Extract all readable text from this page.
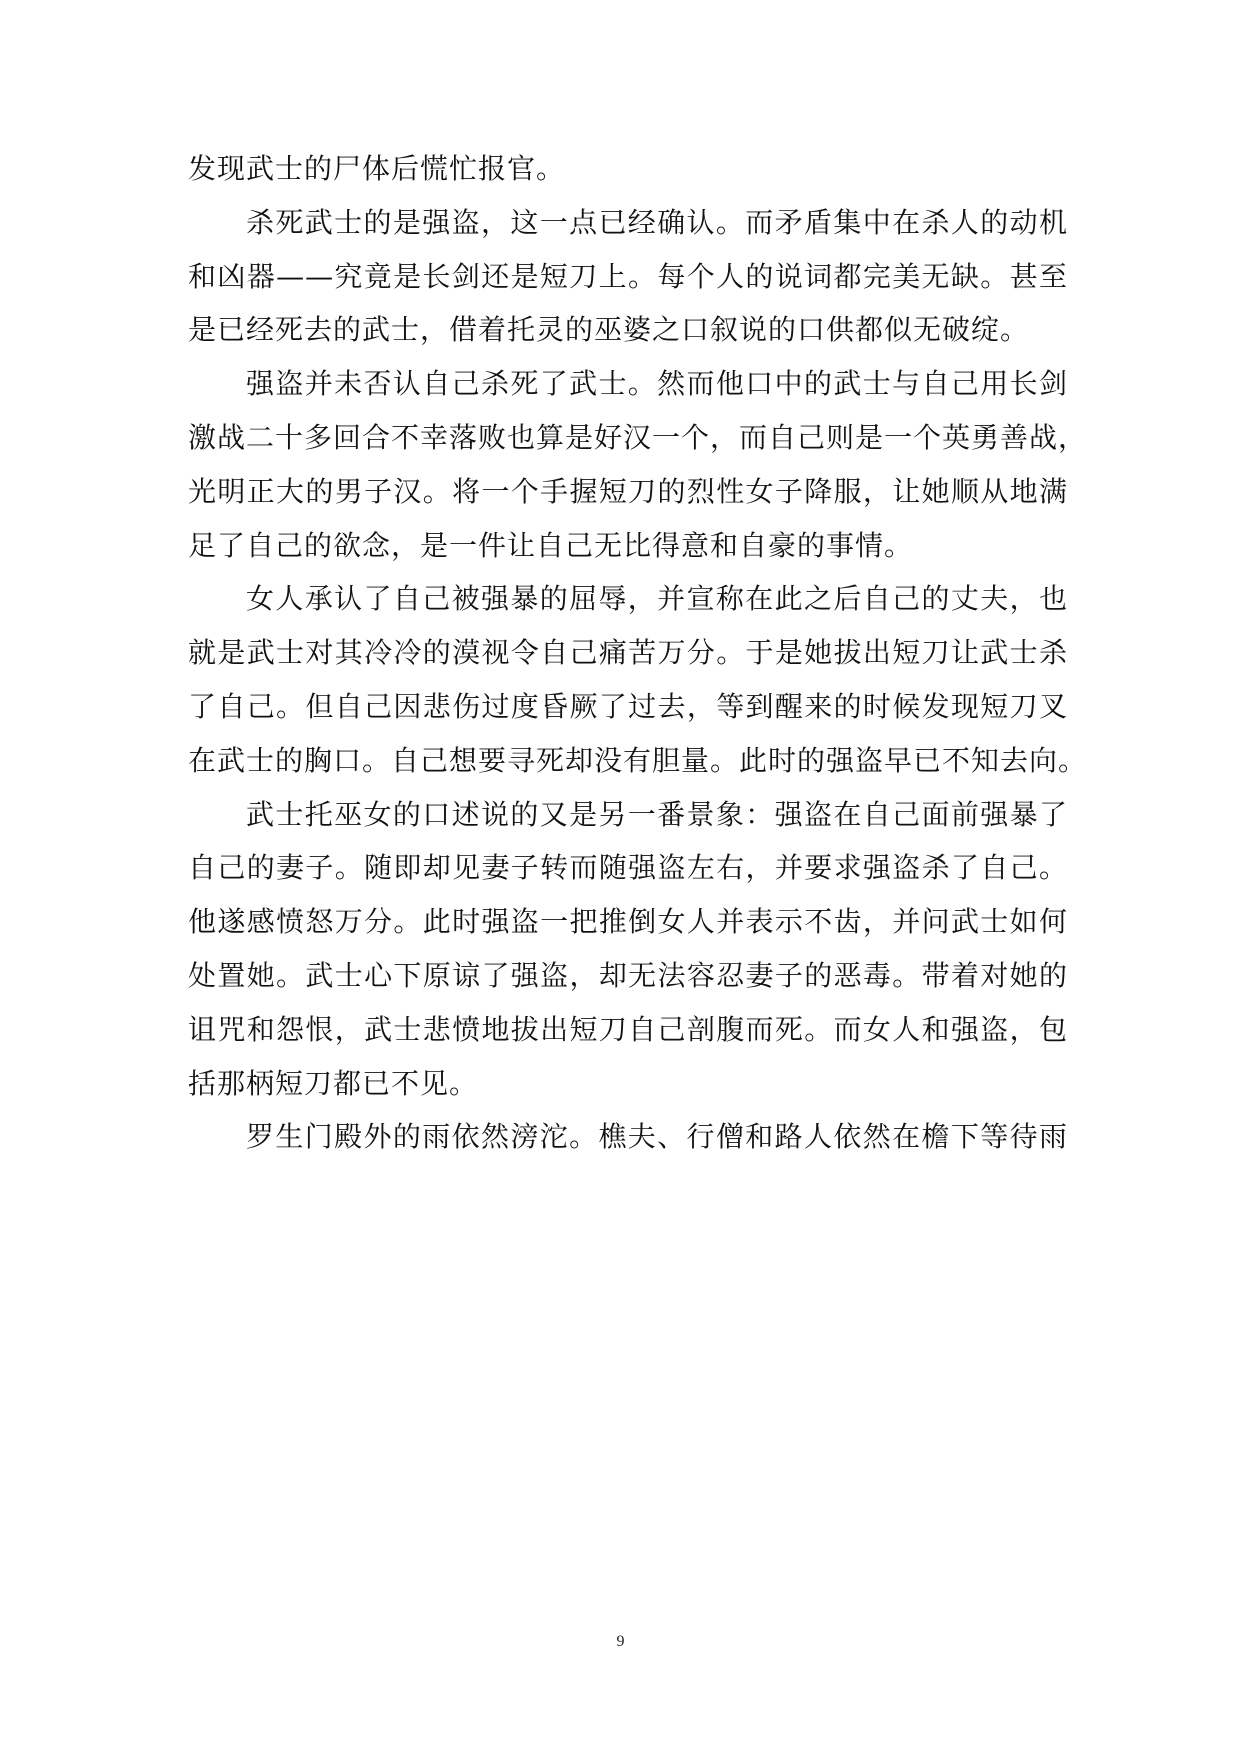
发现武士的尸体后慌忙报官。
杀死武士的是强盗，这一点已经确认。而矛盾集中在杀人的动机
和凶器——究竟是长剑还是短刀上。每个人的说词都完美无缺。甚至
是已经死去的武士，借着托灵的巫婆之口叙说的口供都似无破绽。
强盗并未否认自己杀死了武士。然而他口中的武士与自己用长剑
激战二十多回合不幸落败也算是好汉一个，而自己则是一个英勇善战，
光明正大的男子汉。将一个手握短刀的烈性女子降服，让她顺从地满
足了自己的欲念，是一件让自己无比得意和自豪的事情。
女人承认了自己被强暴的屈辱，并宣称在此之后自己的丈夫，也
就是武士对其冷冷的漠视令自己痛苦万分。于是她拔出短刀让武士杀
了自己。但自己因悲伤过度昏厥了过去，等到醒来的时候发现短刀叉
在武士的胸口。自己想要寻死却没有胆量。此时的强盗早已不知去向。
武士托巫女的口述说的又是另一番景象：强盗在自己面前强暴了
自己的妻子。随即却见妻子转而随强盗左右，并要求强盗杀了自己。
他遂感愤怒万分。此时强盗一把推倒女人并表示不齿，并问武士如何
处置她。武士心下原谅了强盗，却无法容忍妻子的恶毒。带着对她的
诅咒和怨恨，武士悲愤地拔出短刀自己剖腹而死。而女人和强盗，包
括那柄短刀都已不见。
罗生门殿外的雨依然滂沱。樵夫、行僧和路人依然在檐下等待雨
9
